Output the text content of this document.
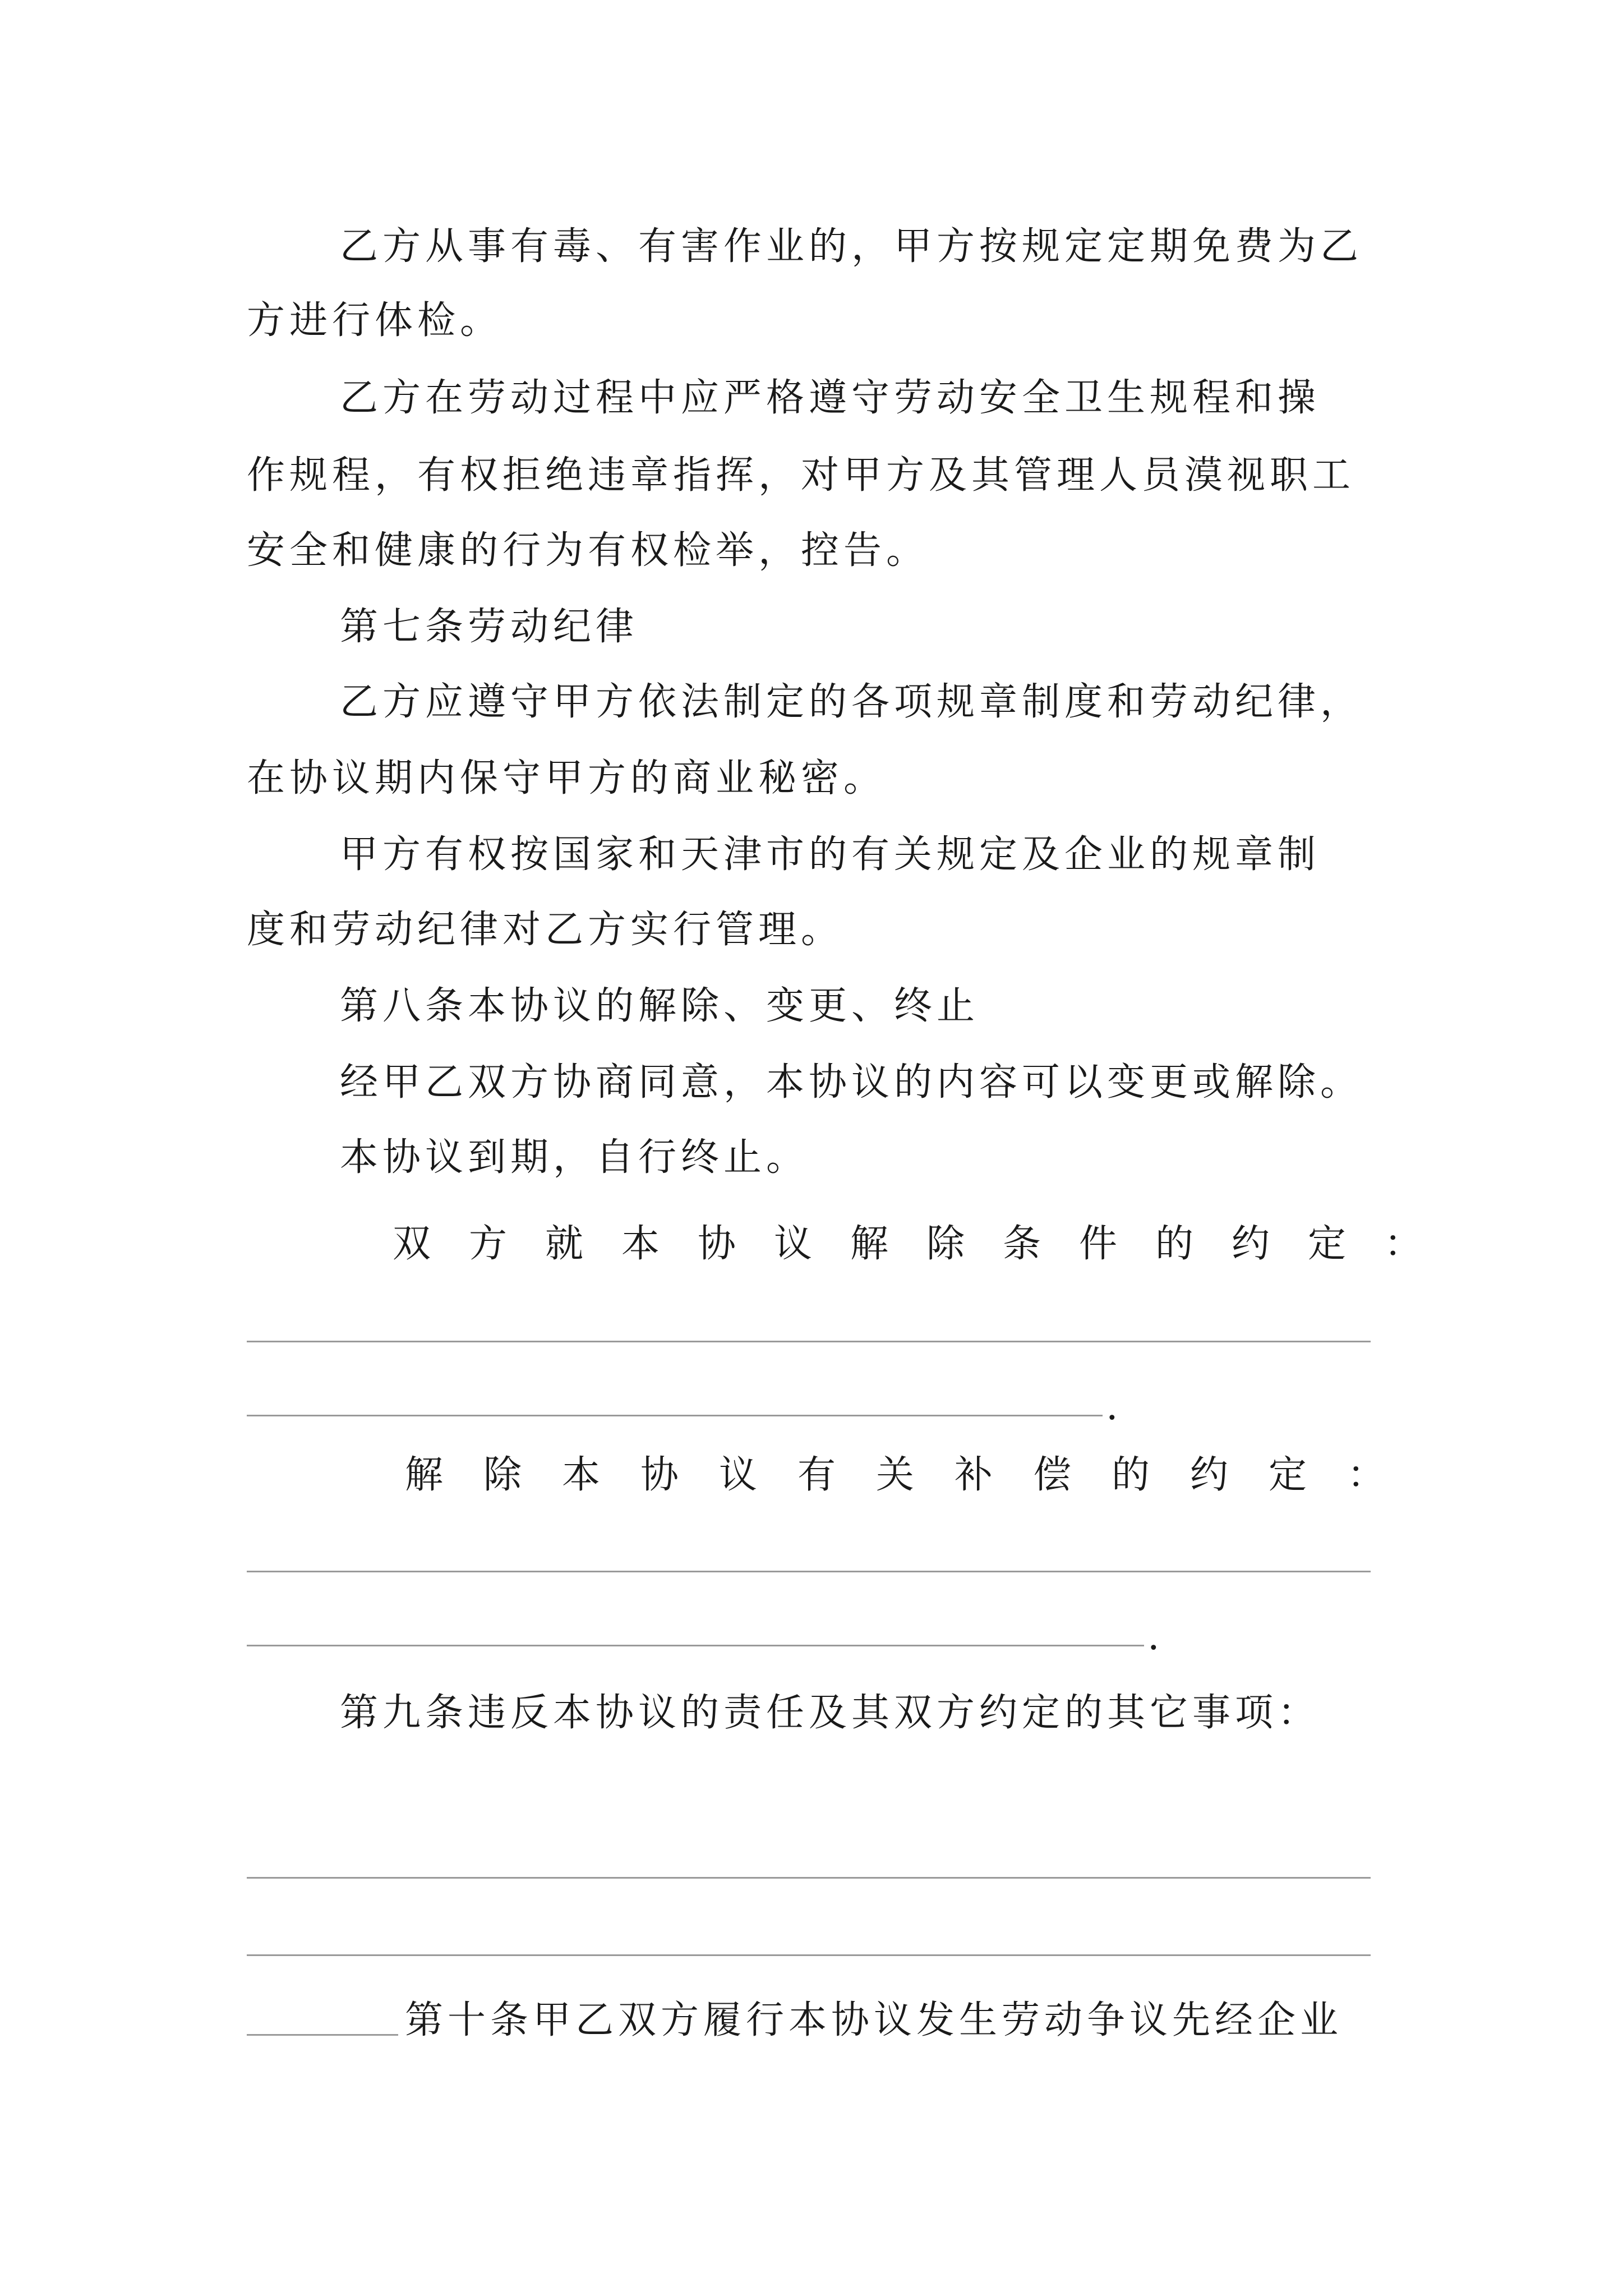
乙方从事有毒、有害作业的，甲方按规定定期免费为乙
方进行体检。
乙方在劳动过程中应严格遵守劳动安全卫生规程和操
作规程，有权拒绝违章指挥，对甲方及其管理人员漠视职工
安全和健康的行为有权检举，控告。
第七条劳动纪律
乙方应遵守甲方依法制定的各项规章制度和劳动纪律，
在协议期内保守甲方的商业秘密。
甲方有权按国家和天津市的有关规定及企业的规章制
度和劳动纪律对乙方实行管理。
第八条本协议的解除、变更、终止
经甲乙双方协商同意，本协议的内容可以变更或解除。
本协议到期，自行终止。
双方就本协议解除条件的约定：
.
解除本协议有关补偿的约定：
.
第九条违反本协议的责任及其双方约定的其它事项：
第十条甲乙双方履行本协议发生劳动争议先经企业
